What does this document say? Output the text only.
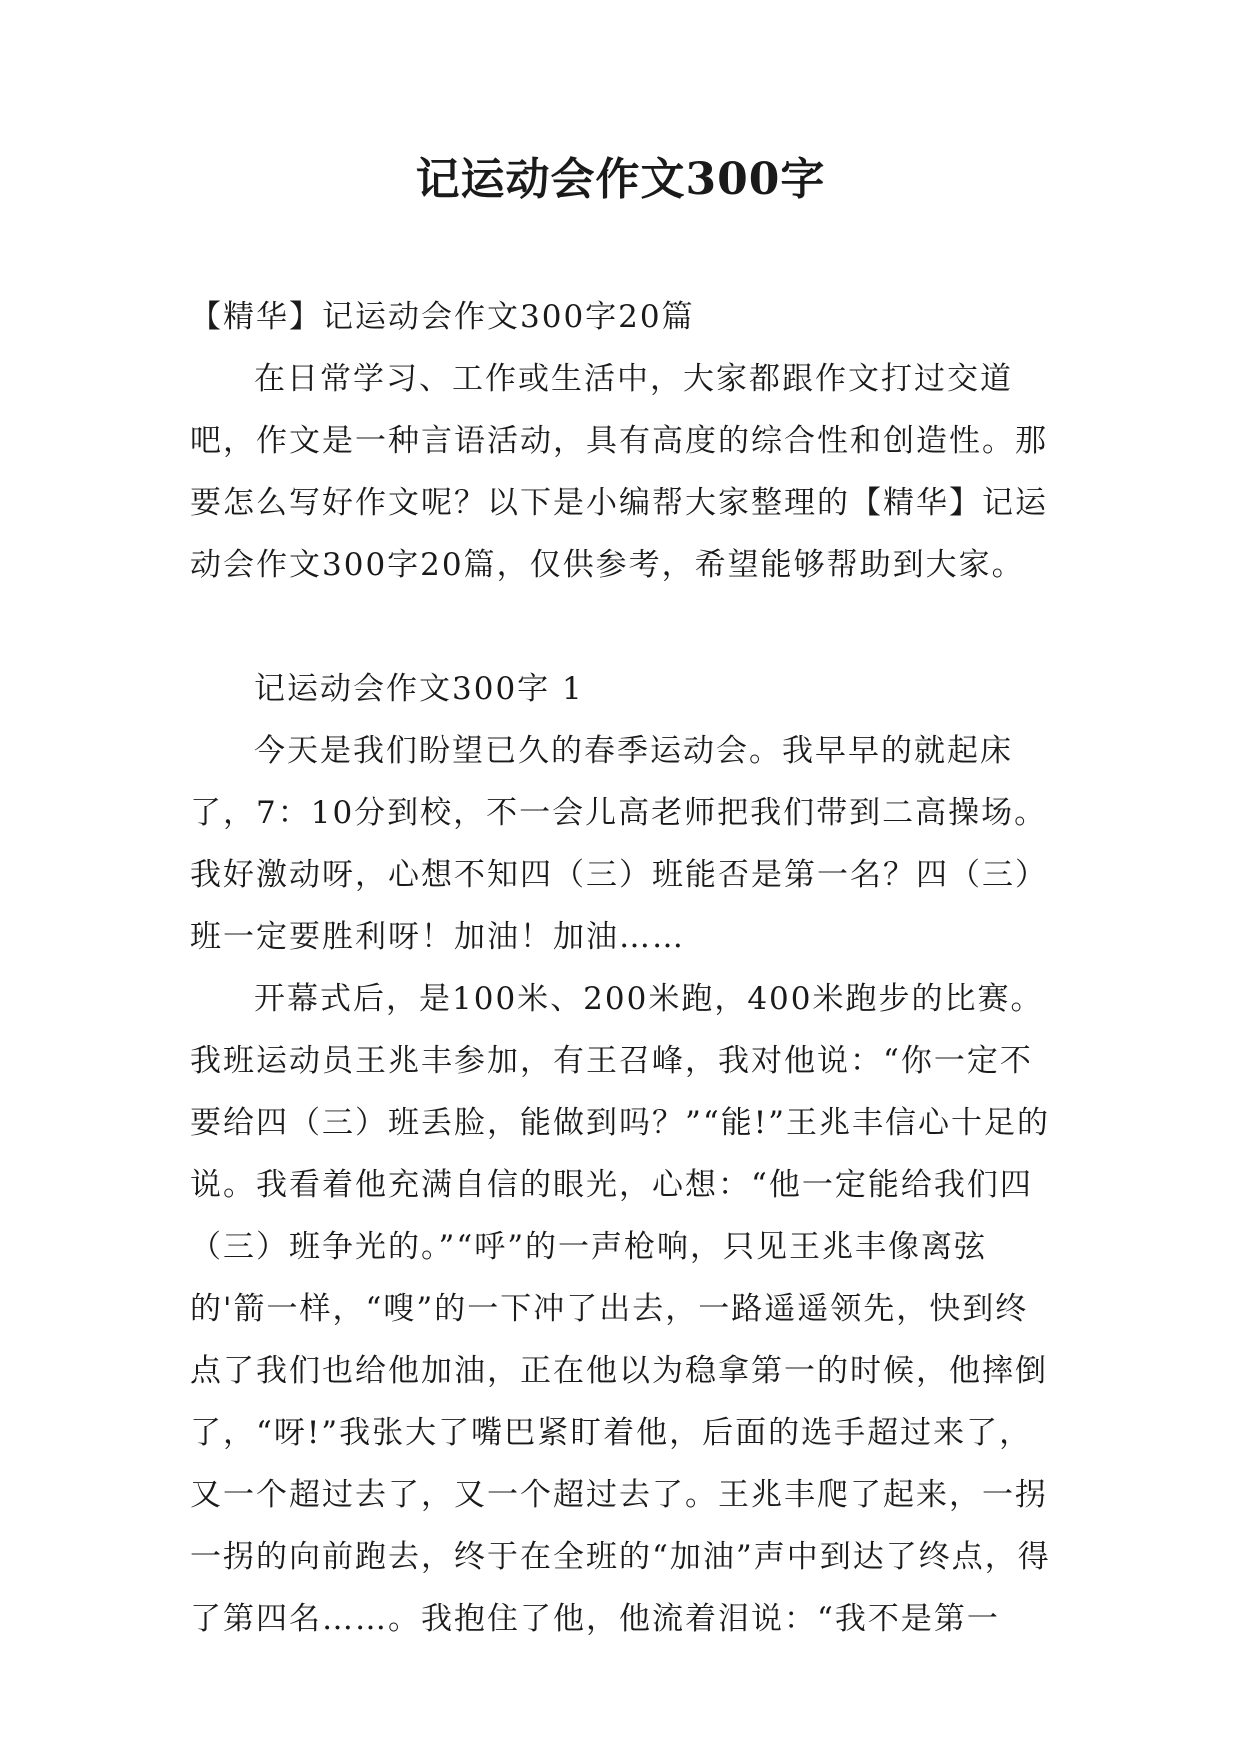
记运动会作文300字

【精华】记运动会作文300字20篇

在日常学习、工作或生活中，大家都跟作文打过交道吧，作文是一种言语活动，具有高度的综合性和创造性。那要怎么写好作文呢？以下是小编帮大家整理的【精华】记运动会作文300字20篇，仅供参考，希望能够帮助到大家。

记运动会作文300字 1

今天是我们盼望已久的春季运动会。我早早的就起床了，7：10分到校，不一会儿高老师把我们带到二高操场。我好激动呀，心想不知四（三）班能否是第一名？四（三）班一定要胜利呀！加油！加油……

开幕式后，是100米、200米跑，400米跑步的比赛。我班运动员王兆丰参加，有王召峰，我对他说：“你一定不要给四（三）班丢脸，能做到吗？”“能!”王兆丰信心十足的说。我看着他充满自信的眼光，心想：“他一定能给我们四（三）班争光的。”“呼”的一声枪响，只见王兆丰像离弦的'箭一样，“嗖”的一下冲了出去，一路遥遥领先，快到终点了我们也给他加油，正在他以为稳拿第一的时候，他摔倒了，“呀!”我张大了嘴巴紧盯着他，后面的选手超过来了，又一个超过去了，又一个超过去了。王兆丰爬了起来，一拐一拐的向前跑去，终于在全班的“加油”声中到达了终点，得了第四名……。我抱住了他，他流着泪说：“我不是第一
